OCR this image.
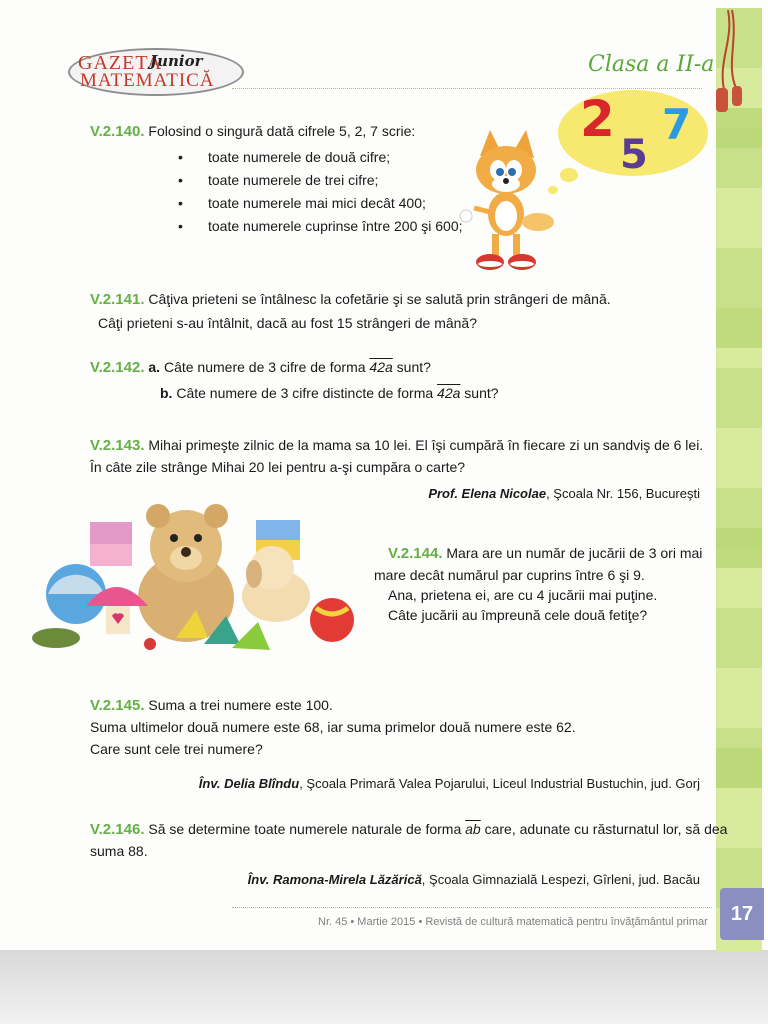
GAZETA
MATEMATICĂ
Junior	Clasa a II-a
2
5
7
V.2.140. Folosind o singură dată cifrele 5, 2, 7 scrie:
• toate numerele de două cifre;
• toate numerele de trei cifre;
• toate numerele mai mici decât 400;
• toate numerele cuprinse între 200 şi 600;
V.2.141. Câţiva prieteni se întâlnesc la cofetărie şi se salută prin strângeri de mână.
Câţi prieteni s-au întâlnit, dacă au fost 15 strângeri de mână?
V.2.142. a. Câte numere de 3 cifre de forma 42a sunt?
b. Câte numere de 3 cifre distincte de forma 42a sunt?
V.2.143. Mihai primeşte zilnic de la mama sa 10 lei. El îşi cumpără în fiecare zi un sandviş de 6 lei.
În câte zile strânge Mihai 20 lei pentru a-şi cumpăra o carte?
Prof. Elena Nicolae, Şcoala Nr. 156, Bucureşti
V.2.144. Mara are un număr de jucării de 3 ori mai
mare decât numărul par cuprins între 6 şi 9.
Ana, prietena ei, are cu 4 jucării mai puţine.
Câte jucării au împreună cele două fetiţe?
V.2.145. Suma a trei numere este 100.
Suma ultimelor două numere este 68, iar suma primelor două numere este 62.
Care sunt cele trei numere?
Înv. Delia Blîndu, Şcoala Primară Valea Pojarului, Liceul Industrial Bustuchin, jud. Gorj
V.2.146. Să se determine toate numerele naturale de forma $\overline{ab}$ care, adunate cu răsturnatul lor, să dea
suma 88.
Înv. Ramona-Mirela Lăzărică, Şcoala Gimnazială Lespezi, Gîrleni, jud. Bacău
Nr. 45 • Martie 2015 • Revistă de cultură matematică pentru învăţământul primar	17
